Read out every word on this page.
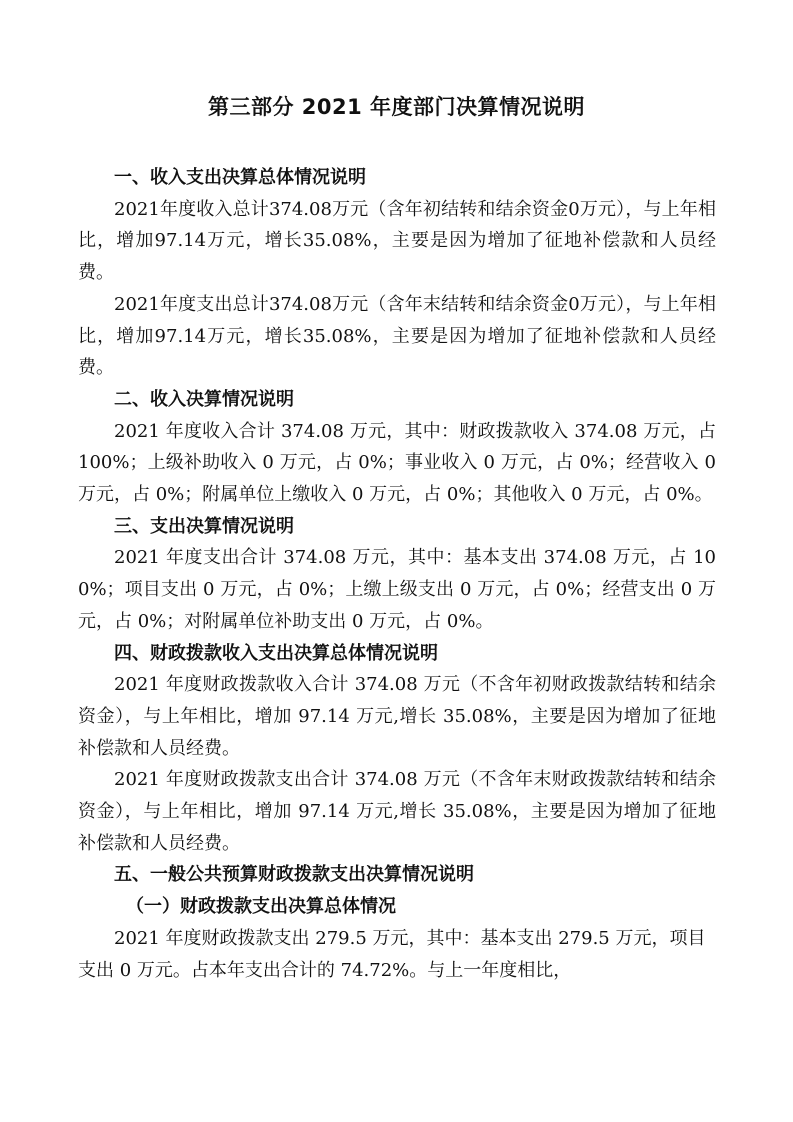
第三部分 2021 年度部门决算情况说明

一、收入支出决算总体情况说明

2021年度收入总计374.08万元（含年初结转和结余资金0万元），与上年相比，增加97.14万元，增长35.08%，主要是因为增加了征地补偿款和人员经费。

2021年度支出总计374.08万元（含年末结转和结余资金0万元），与上年相比，增加97.14万元，增长35.08%，主要是因为增加了征地补偿款和人员经费。

二、收入决算情况说明

2021 年度收入合计 374.08 万元，其中：财政拨款收入 374.08 万元，占 100%；上级补助收入 0 万元，占 0%；事业收入 0 万元，占 0%；经营收入 0 万元，占 0%；附属单位上缴收入 0 万元，占 0%；其他收入 0 万元，占 0%。

三、支出决算情况说明

2021 年度支出合计 374.08 万元，其中：基本支出 374.08 万元，占 100%；项目支出 0 万元，占 0%；上缴上级支出 0 万元，占 0%；经营支出 0 万元，占 0%；对附属单位补助支出 0 万元，占 0%。

四、财政拨款收入支出决算总体情况说明

2021 年度财政拨款收入合计 374.08 万元（不含年初财政拨款结转和结余资金），与上年相比，增加 97.14 万元,增长 35.08%，主要是因为增加了征地补偿款和人员经费。

2021 年度财政拨款支出合计 374.08 万元（不含年末财政拨款结转和结余资金），与上年相比，增加 97.14 万元,增长 35.08%，主要是因为增加了征地补偿款和人员经费。

五、一般公共预算财政拨款支出决算情况说明

（一）财政拨款支出决算总体情况

2021 年度财政拨款支出 279.5 万元，其中：基本支出 279.5 万元，项目支出 0 万元。占本年支出合计的 74.72%。与上一年度相比，
